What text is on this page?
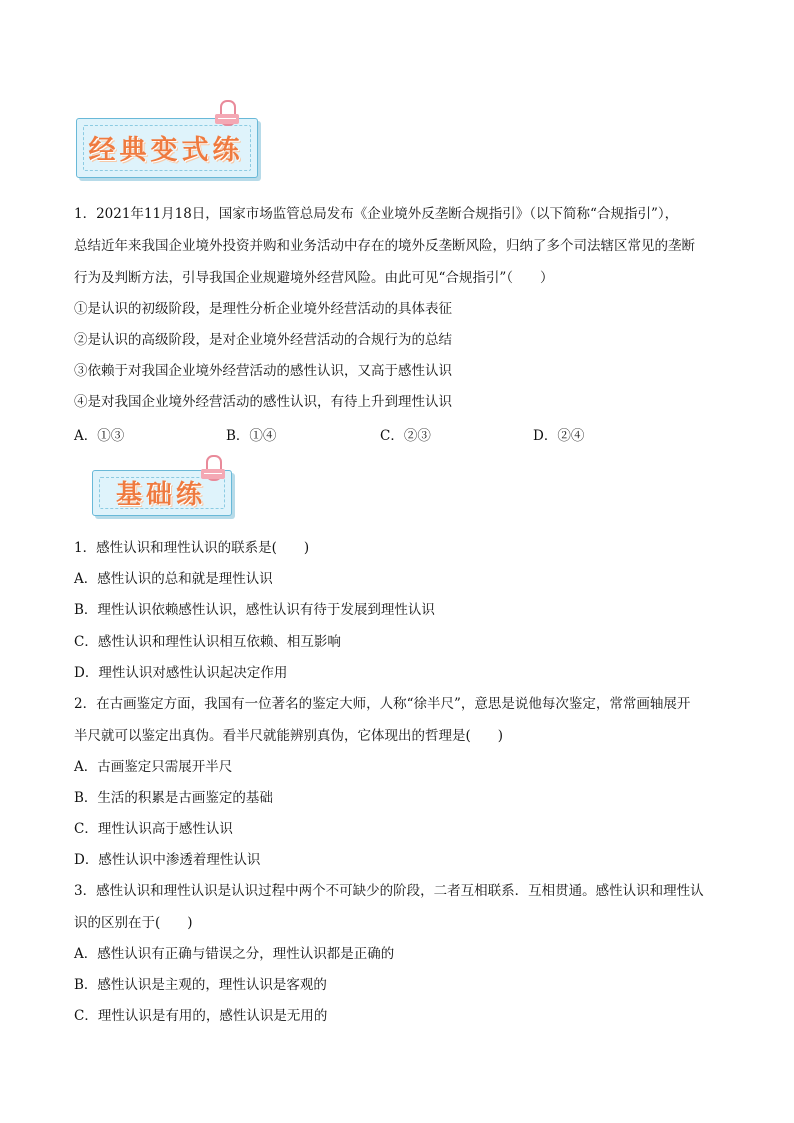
经典变式练
1．2021年11月18日，国家市场监管总局发布《企业境外反垄断合规指引》（以下简称“合规指引”），
总结近年来我国企业境外投资并购和业务活动中存在的境外反垄断风险，归纳了多个司法辖区常见的垄断
行为及判断方法，引导我国企业规避境外经营风险。由此可见“合规指引”（　　）
①是认识的初级阶段，是理性分析企业境外经营活动的具体表征
②是认识的高级阶段，是对企业境外经营活动的合规行为的总结
③依赖于对我国企业境外经营活动的感性认识，又高于感性认识
④是对我国企业境外经营活动的感性认识，有待上升到理性认识
A．①③	B．①④	C．②③	D．②④
基础练
1．感性认识和理性认识的联系是(　　)
A．感性认识的总和就是理性认识
B．理性认识依赖感性认识，感性认识有待于发展到理性认识
C．感性认识和理性认识相互依赖、相互影响
D．理性认识对感性认识起决定作用
2．在古画鉴定方面，我国有一位著名的鉴定大师，人称“徐半尺”，意思是说他每次鉴定，常常画轴展开
半尺就可以鉴定出真伪。看半尺就能辨别真伪，它体现出的哲理是(　　)
A．古画鉴定只需展开半尺
B．生活的积累是古画鉴定的基础
C．理性认识高于感性认识
D．感性认识中渗透着理性认识
3．感性认识和理性认识是认识过程中两个不可缺少的阶段，二者互相联系．互相贯通。感性认识和理性认
识的区别在于(　　)
A．感性认识有正确与错误之分，理性认识都是正确的
B．感性认识是主观的，理性认识是客观的
C．理性认识是有用的，感性认识是无用的
